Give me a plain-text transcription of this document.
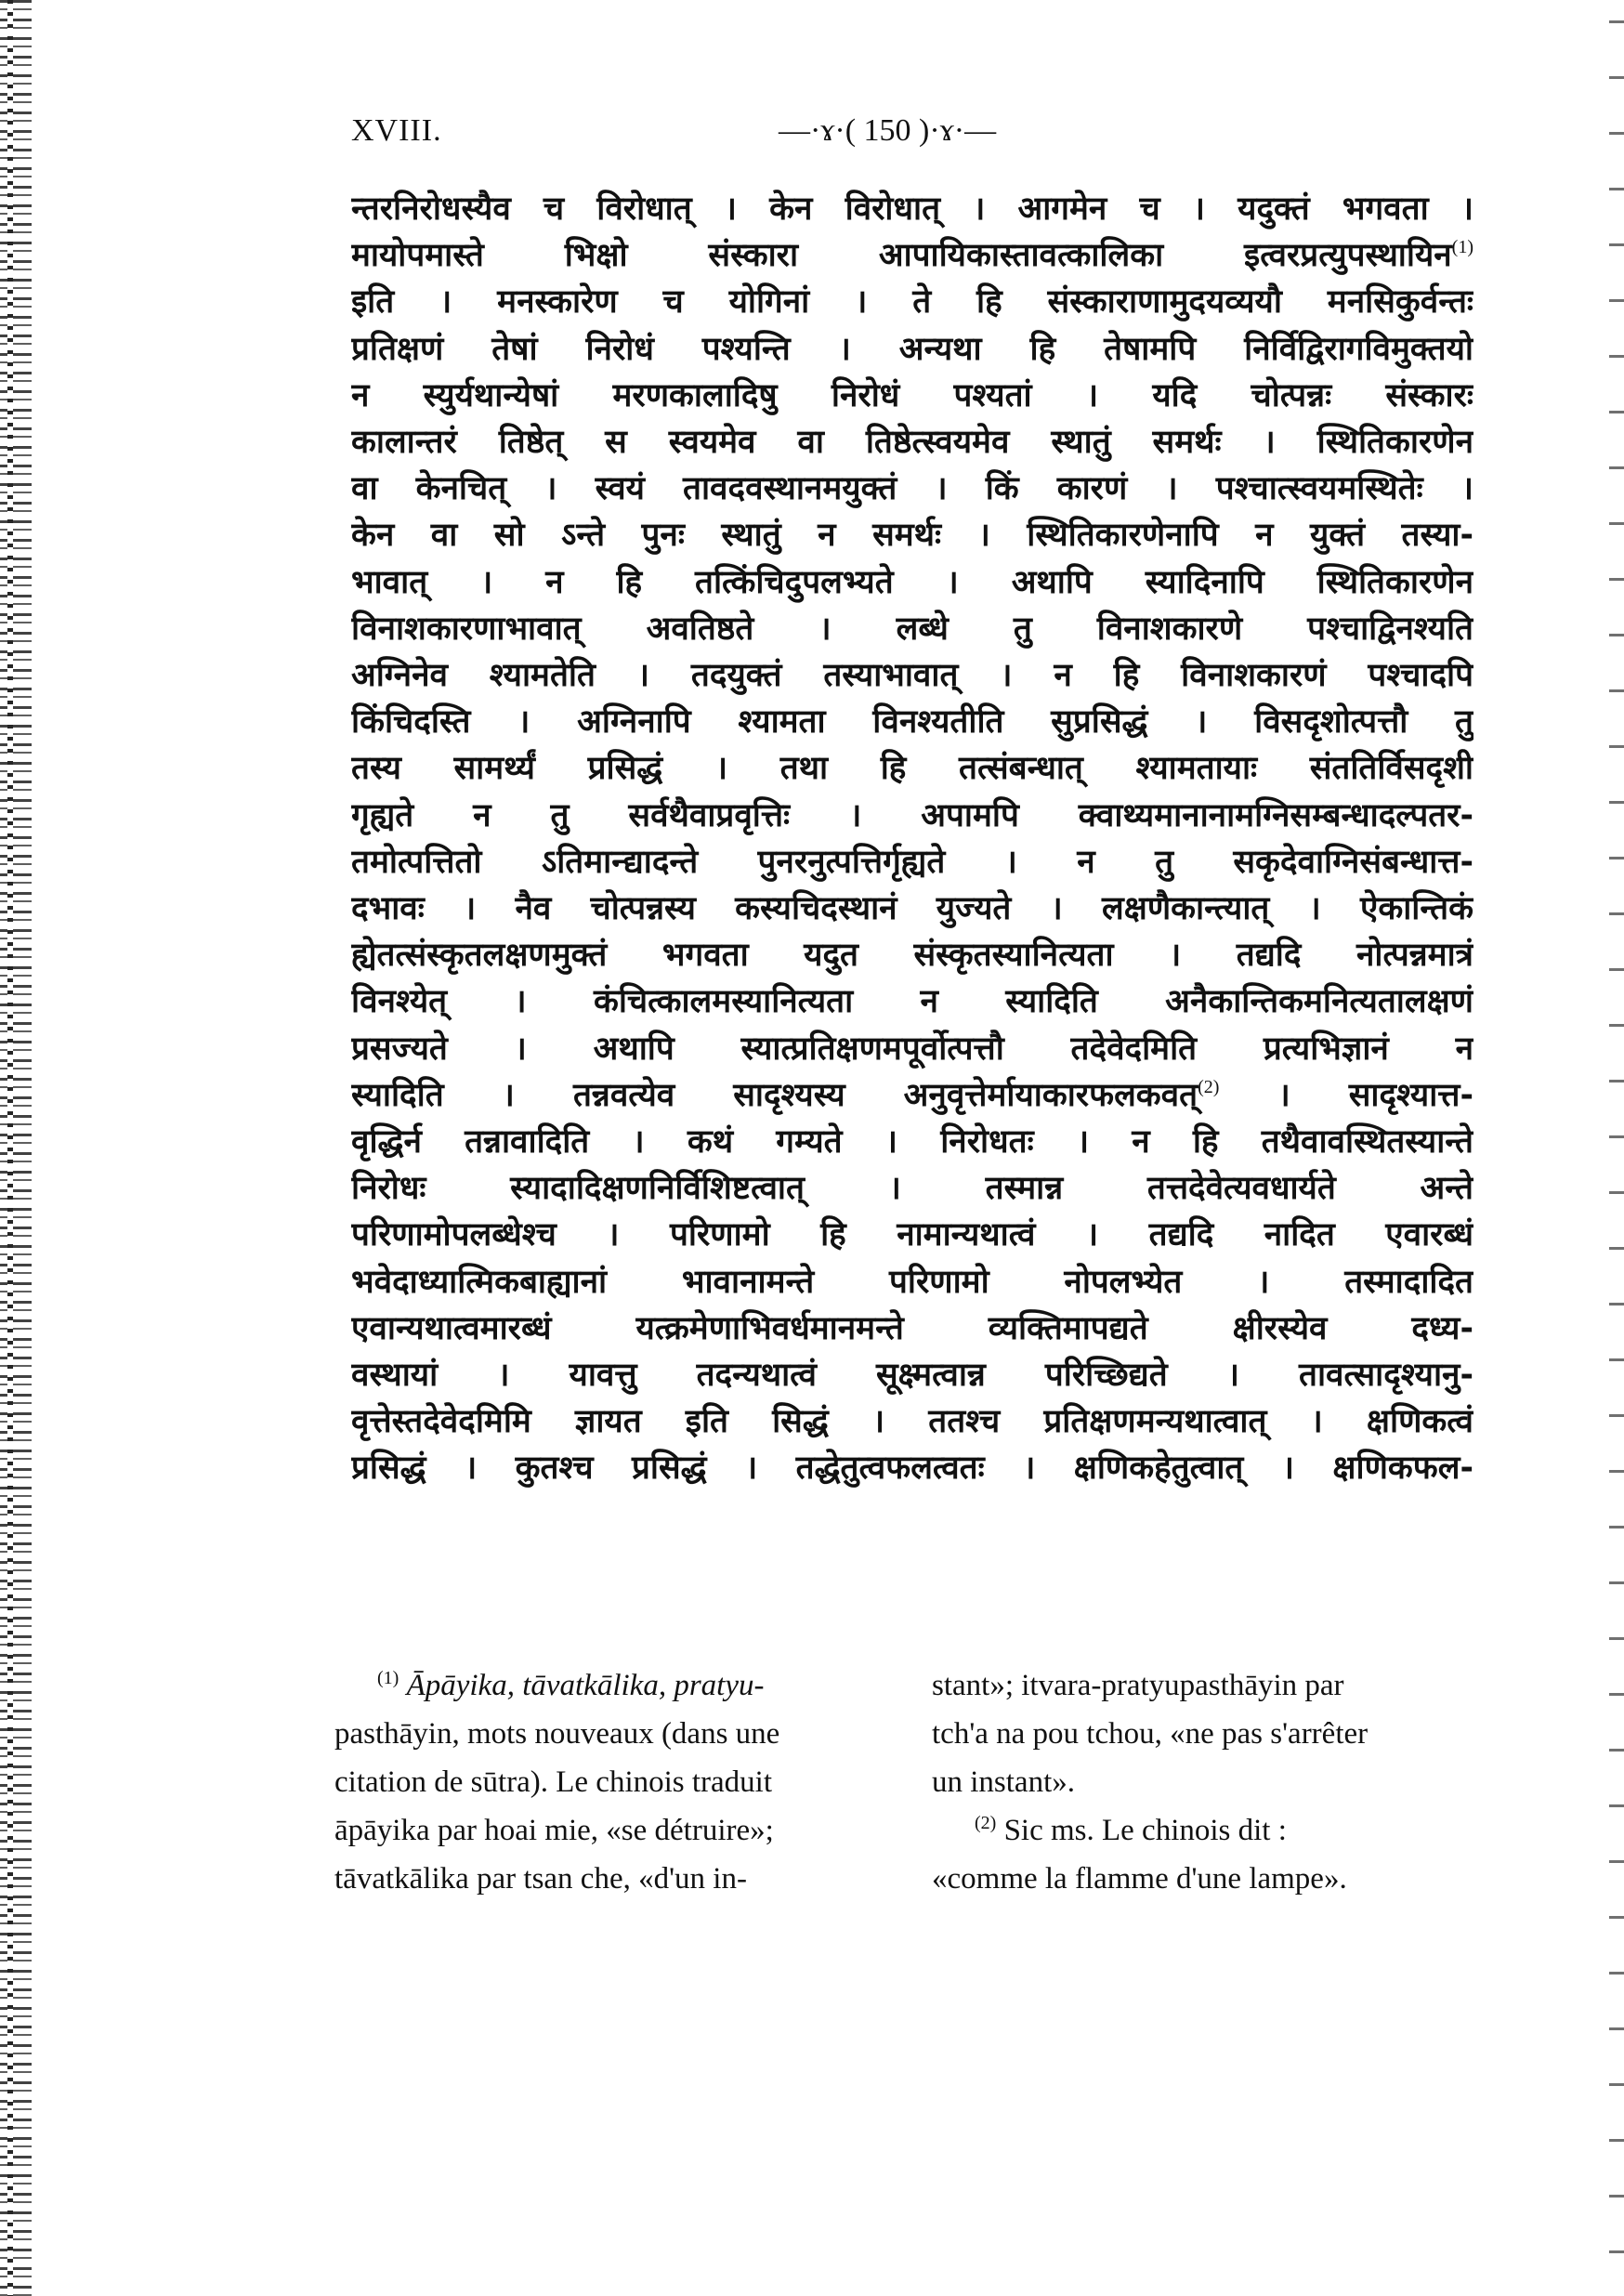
XVIII.	—·ɤ·( 150 )·ɤ·—
न्तरनिरोधस्यैव च विरोधात् । केन विरोधात् । आगमेन च । यदुक्तं भगवता ।
मायोपमास्ते भिक्षो संस्कारा आपायिकास्तावत्कालिका इत्वरप्रत्युपस्थायिन$^{(1)}$
इति । मनस्कारेण च योगिनां । ते हि संस्काराणामुदयव्ययौ मनसिकुर्वन्तः
प्रतिक्षणं तेषां निरोधं पश्यन्ति । अन्यथा हि तेषामपि निर्विद्विरागविमुक्तयो
न स्युर्यथान्येषां मरणकालादिषु निरोधं पश्यतां । यदि चोत्पन्नः संस्कारः
कालान्तरं तिष्ठेत् स स्वयमेव वा तिष्ठेत्स्वयमेव स्थातुं समर्थः । स्थितिकारणेन
वा केनचित् । स्वयं तावदवस्थानमयुक्तं । किं कारणं । पश्चात्स्वयमस्थितेः ।
केन वा सो ऽन्ते पुनः स्थातुं न समर्थः । स्थितिकारणेनापि न युक्तं तस्या-
भावात् । न हि तत्किंचिदुपलभ्यते । अथापि स्यादिनापि स्थितिकारणेन
विनाशकारणाभावात् अवतिष्ठते । लब्धे तु विनाशकारणे पश्चाद्विनश्यति
अग्निनेव श्यामतेति । तदयुक्तं तस्याभावात् । न हि विनाशकारणं पश्चादपि
किंचिदस्ति । अग्निनापि श्यामता विनश्यतीति सुप्रसिद्धं । विसदृशोत्पत्तौ तु
तस्य सामर्थ्यं प्रसिद्धं । तथा हि तत्संबन्धात् श्यामतायाः संततिर्विसदृशी
गृह्यते न तु सर्वथैवाप्रवृत्तिः । अपामपि क्वाथ्यमानानामग्निसम्बन्धादल्पतर-
तमोत्पत्तितो ऽतिमान्द्यादन्ते पुनरनुत्पत्तिर्गृह्यते । न तु सकृदेवाग्निसंबन्धात्त-
दभावः । नैव चोत्पन्नस्य कस्यचिदस्थानं युज्यते । लक्षणैकान्त्यात् । ऐकान्तिकं
ह्येतत्संस्कृतलक्षणमुक्तं भगवता यदुत संस्कृतस्यानित्यता । तद्यदि नोत्पन्नमात्रं
विनश्येत् । कंचित्कालमस्यानित्यता न स्यादिति अनैकान्तिकमनित्यतालक्षणं
प्रसज्यते । अथापि स्यात्प्रतिक्षणमपूर्वोत्पत्तौ तदेवेदमिति प्रत्यभिज्ञानं न
स्यादिति । तन्नवत्येव सादृश्यस्य अनुवृत्तेर्मायाकारफलकवत्$^{(2)}$ । सादृश्यात्त-
वृद्धिर्न तन्नावादिति । कथं गम्यते । निरोधतः । न हि तथैवावस्थितस्यान्ते
निरोधः स्यादादिक्षणनिर्विशिष्टत्वात् । तस्मान्न तत्तदेवेत्यवधार्यते अन्ते
परिणामोपलब्धेश्च । परिणामो हि नामान्यथात्वं । तद्यदि नादित एवारब्धं
भवेदाध्यात्मिकबाह्यानां भावानामन्ते परिणामो नोपलभ्येत । तस्मादादित
एवान्यथात्वमारब्धं यत्क्रमेणाभिवर्धमानमन्ते व्यक्तिमापद्यते क्षीरस्येव दध्य-
वस्थायां । यावत्तु तदन्यथात्वं सूक्ष्मत्वान्न परिच्छिद्यते । तावत्सादृश्यानु-
वृत्तेस्तदेवेदमिमि ज्ञायत इति सिद्धं । ततश्च प्रतिक्षणमन्यथात्वात् । क्षणिकत्वं
प्रसिद्धं । कुतश्च प्रसिद्धं । तद्धेतुत्वफलत्वतः । क्षणिकहेतुत्वात् । क्षणिकफल-

$^{(1)}$ Āpāyika, tāvatkālika, pratyu-

pasthāyin, mots nouveaux (dans une

citation de sūtra). Le chinois traduit

āpāyika par hoai mie, «se détruire»;

tāvatkālika par tsan che, «d'un in-

stant»; itvara-pratyupasthāyin par

tch'a na pou tchou, «ne pas s'arrêter

un instant».

$^{(2)}$ Sic ms. Le chinois dit :

«comme la flamme d'une lampe».
